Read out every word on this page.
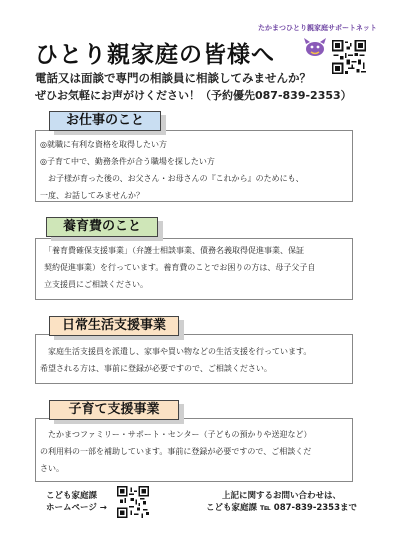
たかまつひとり親家庭サポートネット
ひとり親家庭の皆様へ
電話又は面談で専門の相談員に相談してみませんか？
ぜひお気軽にお声がけください！（予約優先087-839-2353）
◎就職に有利な資格を取得したい方
◎子育て中で、勤務条件が合う職場を探したい方
　お子様が育った後の、お父さん・お母さんの『これから』のためにも、
一度、お話してみませんか？
お仕事のこと
「養育費確保支援事業」（弁護士相談事業、債務名義取得促進事業、保証
契約促進事業）を行っています。養育費のことでお困りの方は、母子父子自
立支援員にご相談ください。
養育費のこと
　家庭生活支援員を派遣し、家事や買い物などの生活支援を行っています。
希望される方は、事前に登録が必要ですので、ご相談ください。
日常生活支援事業
　たかまつファミリー・サポート・センター（子どもの預かりや送迎など）
の利用料の一部を補助しています。事前に登録が必要ですので、ご相談くだ
さい。
子育て支援事業
こども家庭課
ホームページ →
上記に関するお問い合わせは、
こども家庭課 ℡ 087-839-2353まで
